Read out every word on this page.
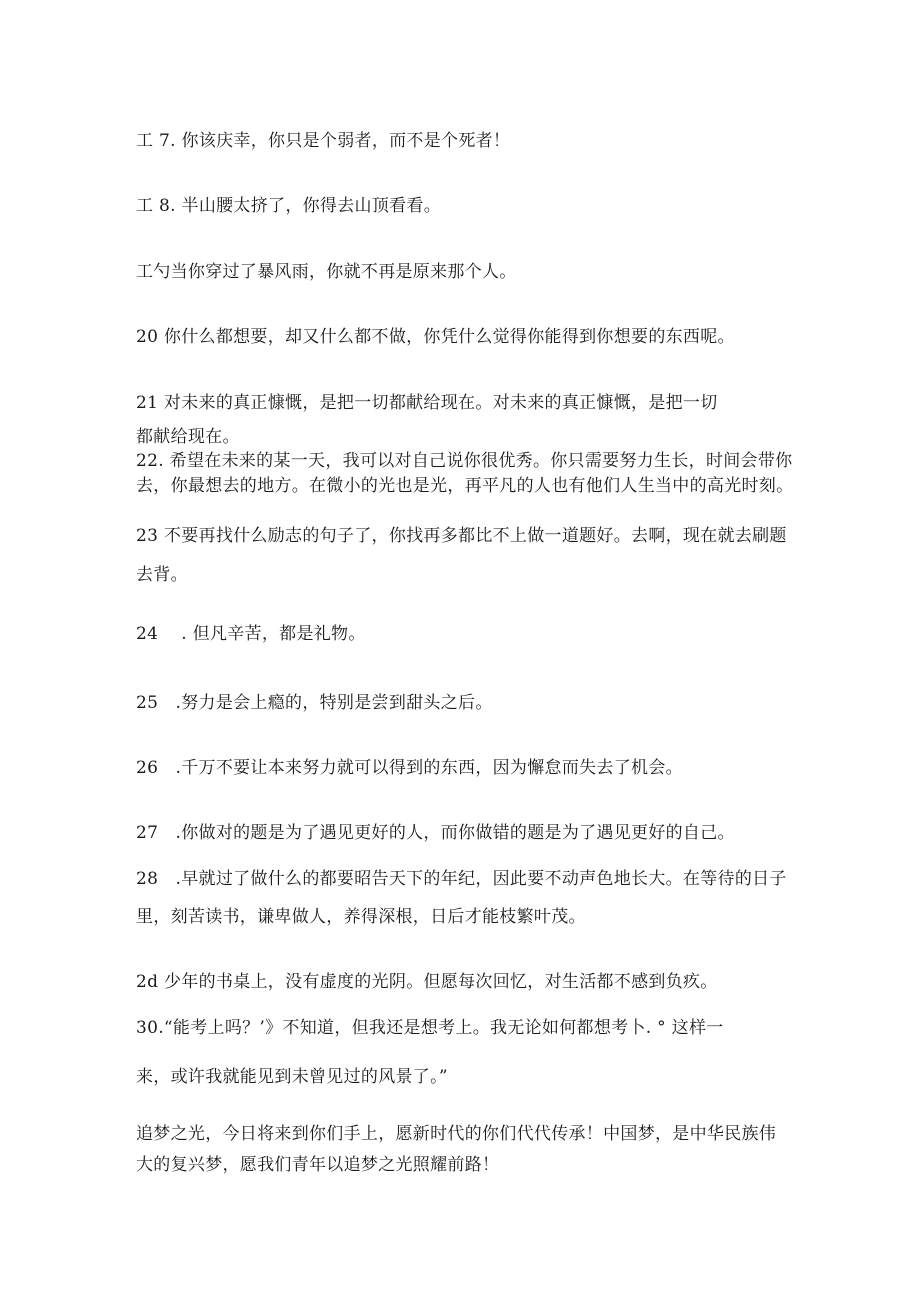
工 7. 你该庆幸，你只是个弱者，而不是个死者！
工 8. 半山腰太挤了，你得去山顶看看。
工勺当你穿过了暴风雨，你就不再是原来那个人。
20 你什么都想要，却又什么都不做，你凭什么觉得你能得到你想要的东西呢。
21 对未来的真正慷慨，是把一切都献给现在。对未来的真正慷慨，是把一切
都献给现在。
22. 希望在未来的某一天，我可以对自己说你很优秀。你只需要努力生长，时间会带你
去，你最想去的地方。在微小的光也是光，再平凡的人也有他们人生当中的高光时刻。
23 不要再找什么励志的句子了，你找再多都比不上做一道题好。去啊，现在就去刷题
去背。
24　 . 但凡辛苦，都是礼物。
25　.努力是会上瘾的，特别是尝到甜头之后。
26　.千万不要让本来努力就可以得到的东西，因为懈怠而失去了机会。
27　.你做对的题是为了遇见更好的人，而你做错的题是为了遇见更好的自己。
28　.早就过了做什么的都要昭告天下的年纪，因此要不动声色地长大。在等待的日子
里，刻苦读书，谦卑做人，养得深根，日后才能枝繁叶茂。
2d 少年的书桌上，没有虚度的光阴。但愿每次回忆，对生活都不感到负疚。
30.“能考上吗？’》不知道，但我还是想考上。我无论如何都想考卜. ° 这样一
来，或许我就能见到未曾见过的风景了。”
追梦之光，今日将来到你们手上，愿新时代的你们代代传承！中国梦，是中华民族伟
大的复兴梦，愿我们青年以追梦之光照耀前路！
